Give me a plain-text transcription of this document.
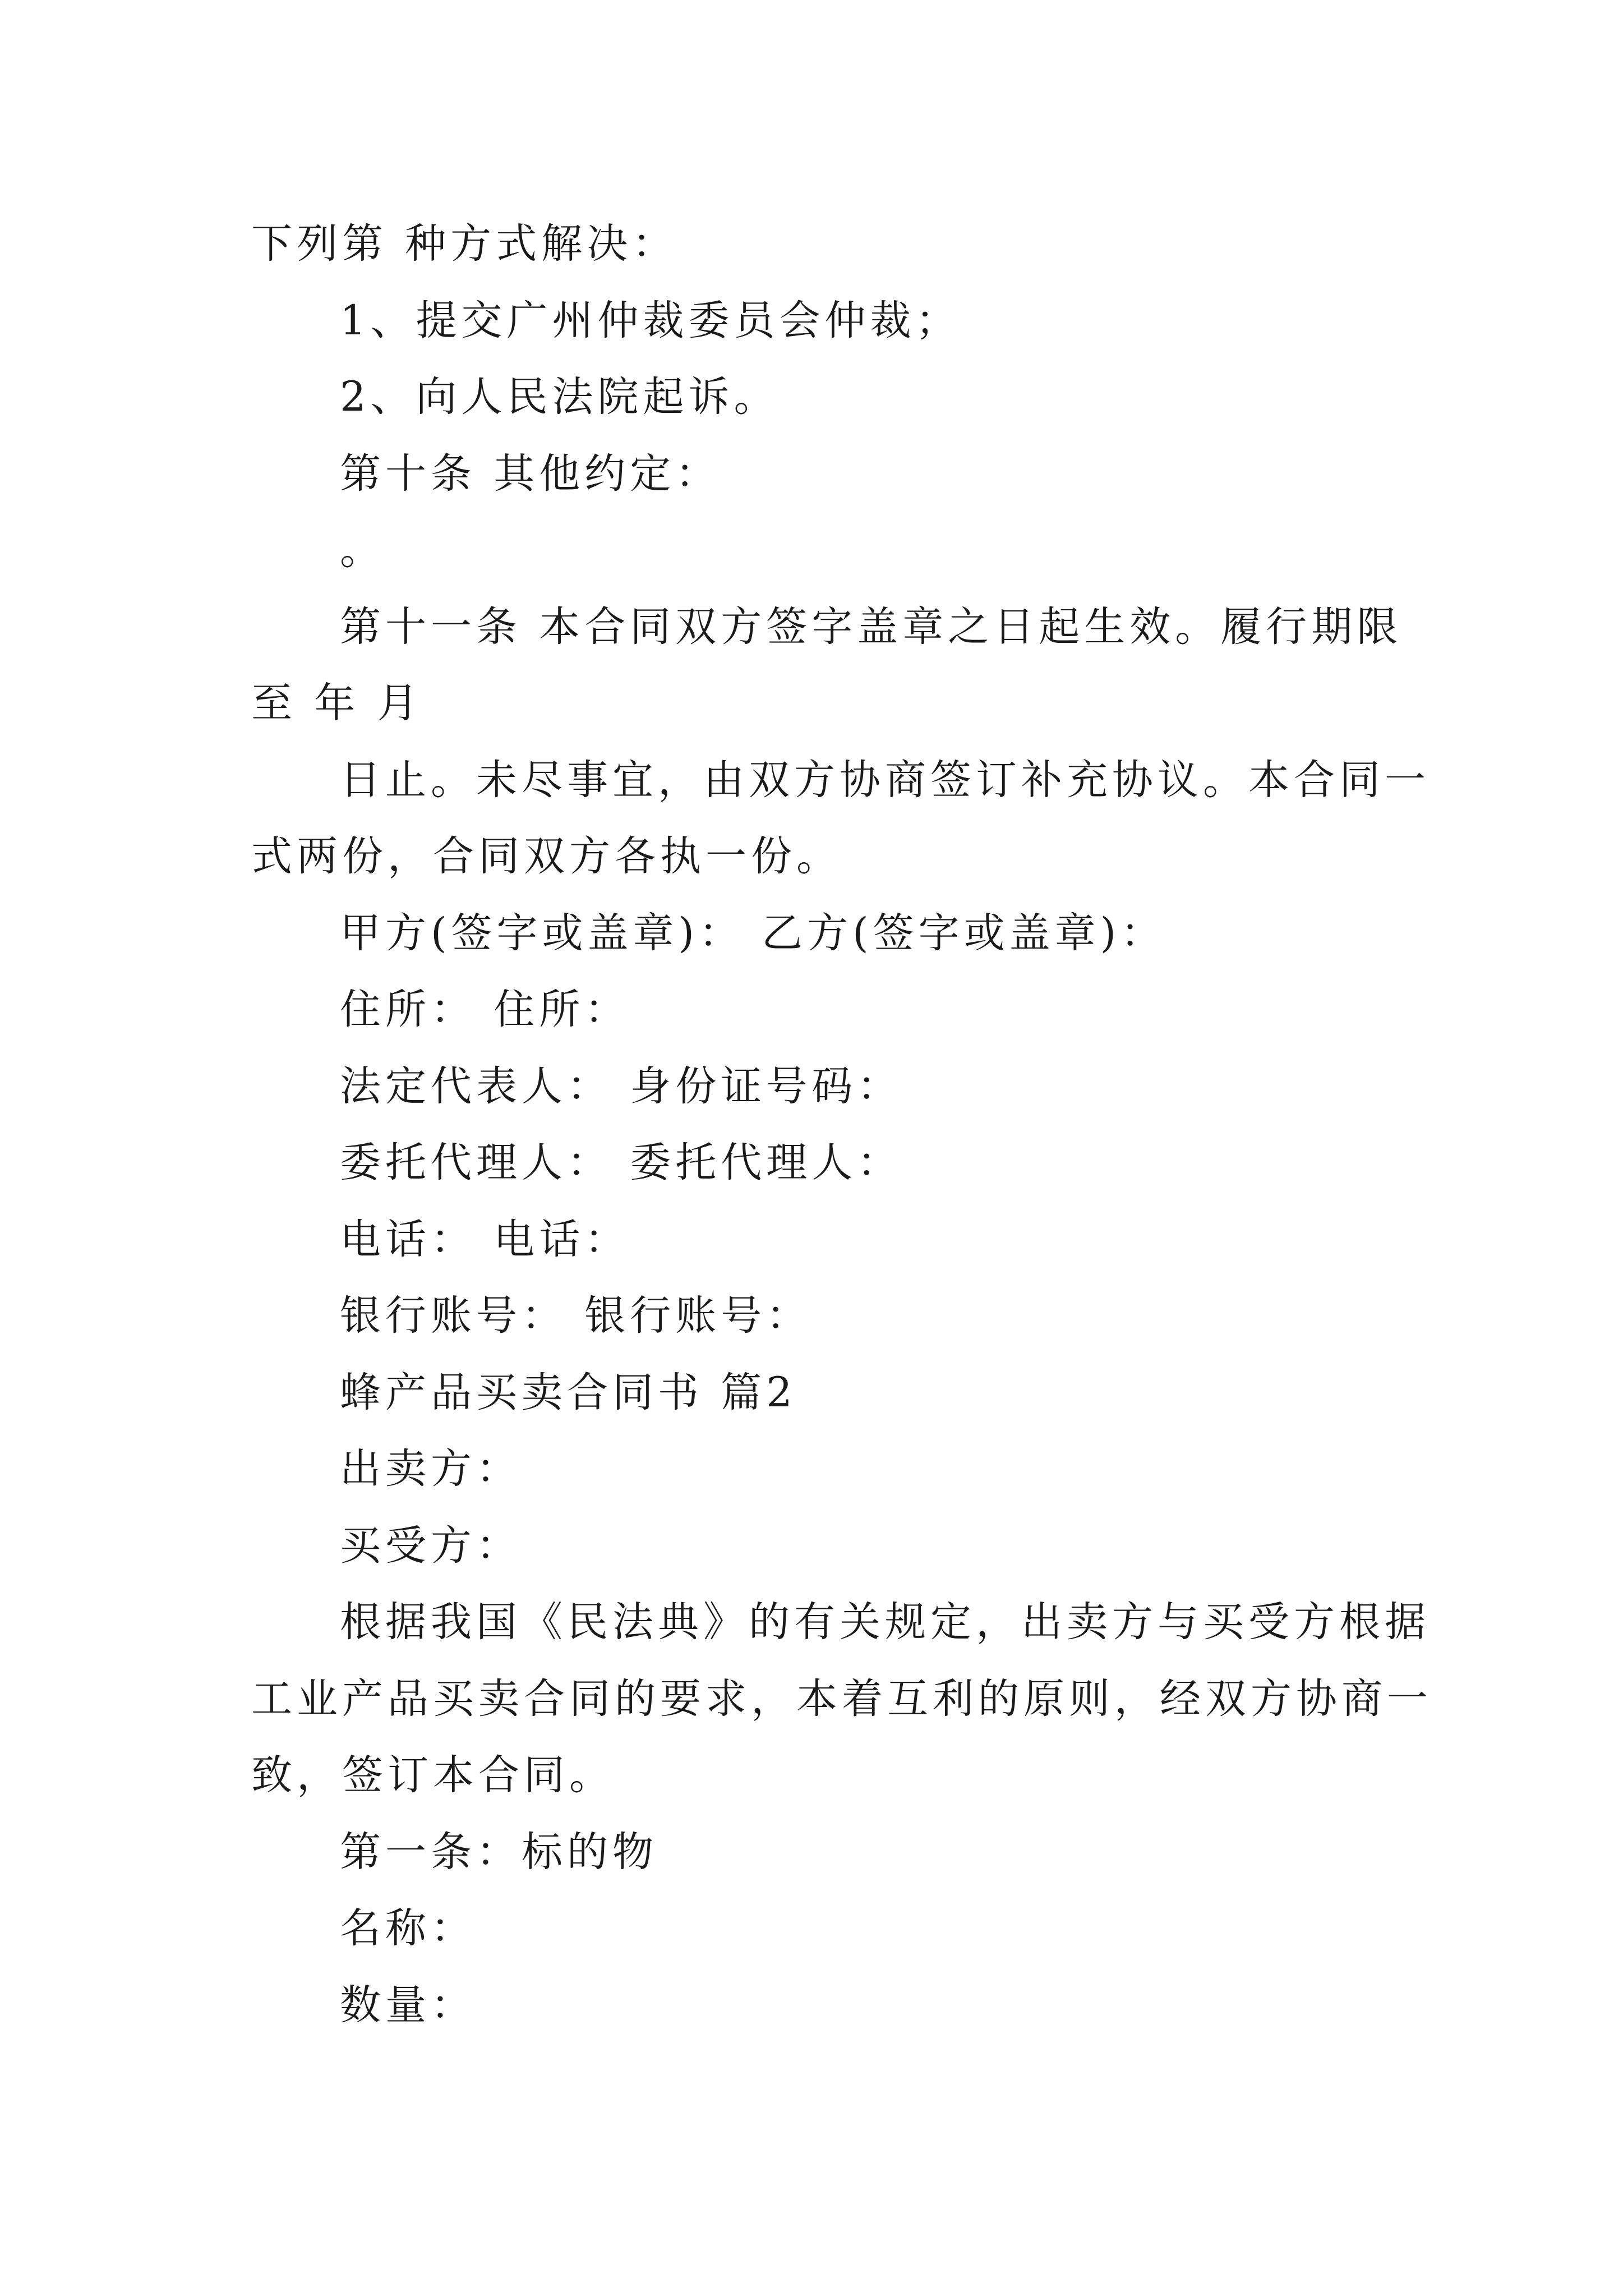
下列第 种方式解决：
1、提交广州仲裁委员会仲裁；
2、向人民法院起诉。
第十条 其他约定：
。
第十一条 本合同双方签字盖章之日起生效。履行期限
至 年 月
日止。未尽事宜，由双方协商签订补充协议。本合同一
式两份，合同双方各执一份。
甲方(签字或盖章)： 乙方(签字或盖章)：
住所： 住所：
法定代表人： 身份证号码：
委托代理人： 委托代理人：
电话： 电话：
银行账号： 银行账号：
蜂产品买卖合同书 篇2
出卖方：
买受方：
根据我国《民法典》的有关规定，出卖方与买受方根据
工业产品买卖合同的要求，本着互利的原则，经双方协商一
致，签订本合同。
第一条：标的物
名称：
数量：
